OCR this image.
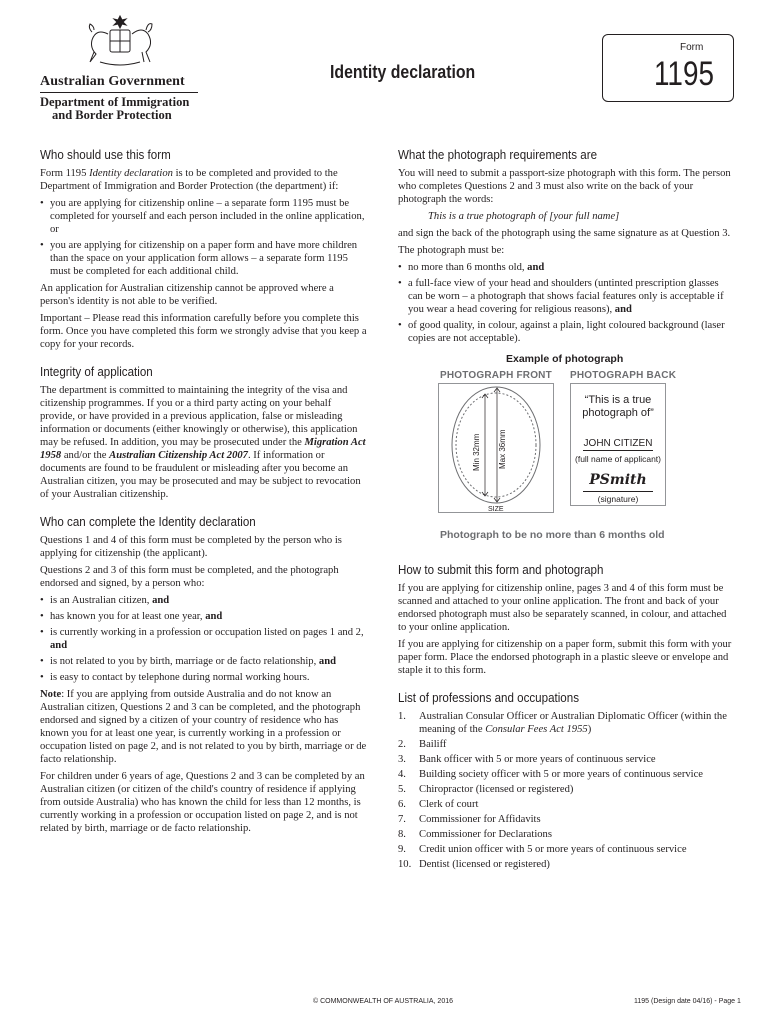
Australian Government
Department of Immigration
and Border Protection
Identity declaration
Form
1195
Who should use this form

Form 1195 Identity declaration is to be completed and provided to the Department of Immigration and Border Protection (the department) if:

• you are applying for citizenship online – a separate form 1195 must be completed for yourself and each person included in the online application, or
• you are applying for citizenship on a paper form and have more children than the space on your application form allows – a separate form 1195 must be completed for each additional child.

An application for Australian citizenship cannot be approved where a person's identity is not able to be verified.

Important – Please read this information carefully before you complete this form. Once you have completed this form we strongly advise that you keep a copy for your records.

Integrity of application

The department is committed to maintaining the integrity of the visa and citizenship programmes. If you or a third party acting on your behalf provide, or have provided in a previous application, false or misleading information or documents (either knowingly or otherwise), this application may be refused. In addition, you may be prosecuted under the Migration Act 1958 and/or the Australian Citizenship Act 2007. If information or documents are found to be fraudulent or misleading after you become an Australian citizen, you may be prosecuted and may be subject to revocation of your Australian citizenship.

Who can complete the Identity declaration

Questions 1 and 4 of this form must be completed by the person who is applying for citizenship (the applicant).

Questions 2 and 3 of this form must be completed, and the photograph endorsed and signed, by a person who:

• is an Australian citizen, and
• has known you for at least one year, and
• is currently working in a profession or occupation listed on pages 1 and 2, and
• is not related to you by birth, marriage or de facto relationship, and
• is easy to contact by telephone during normal working hours.

Note: If you are applying from outside Australia and do not know an Australian citizen, Questions 2 and 3 can be completed, and the photograph endorsed and signed by a citizen of your country of residence who has known you for at least one year, is currently working in a profession or occupation listed on page 2, and is not related to you by birth, marriage or de facto relationship.

For children under 6 years of age, Questions 2 and 3 can be completed by an Australian citizen (or citizen of the child's country of residence if applying from outside Australia) who has known the child for less than 12 months, is currently working in a profession or occupation listed on page 2, and is not related by birth, marriage or de facto relationship.

What the photograph requirements are

You will need to submit a passport-size photograph with this form. The person who completes Questions 2 and 3 must also write on the back of your photograph the words:

This is a true photograph of [your full name]

and sign the back of the photograph using the same signature as at Question 3.

The photograph must be:

• no more than 6 months old, and
• a full-face view of your head and shoulders (untinted prescription glasses can be worn – a photograph that shows facial features only is acceptable if you wear a head covering for religious reasons), and
• of good quality, in colour, against a plain, light coloured background (laser copies are not acceptable).
Example of photograph
PHOTOGRAPH FRONT PHOTOGRAPH BACK
Min 32mm Max 36mm
SIZE
“This is a true
photograph of”
JOHN CITIZEN
(full name of applicant)
PSmith
(signature)
Photograph to be no more than 6 months old
How to submit this form and photograph

If you are applying for citizenship online, pages 3 and 4 of this form must be scanned and attached to your online application. The front and back of your endorsed photograph must also be separately scanned, in colour, and attached to your online application.

If you are applying for citizenship on a paper form, submit this form with your paper form. Place the endorsed photograph in a plastic sleeve or envelope and staple it to this form.

List of professions and occupations
1. Australian Consular Officer or Australian Diplomatic Officer (within the meaning of the Consular Fees Act 1955)
2. Bailiff
3. Bank officer with 5 or more years of continuous service
4. Building society officer with 5 or more years of continuous service
5. Chiropractor (licensed or registered)
6. Clerk of court
7. Commissioner for Affidavits
8. Commissioner for Declarations
9. Credit union officer with 5 or more years of continuous service
10. Dentist (licensed or registered)
© COMMONWEALTH OF AUSTRALIA, 2016	1195 (Design date 04/16) - Page 1
